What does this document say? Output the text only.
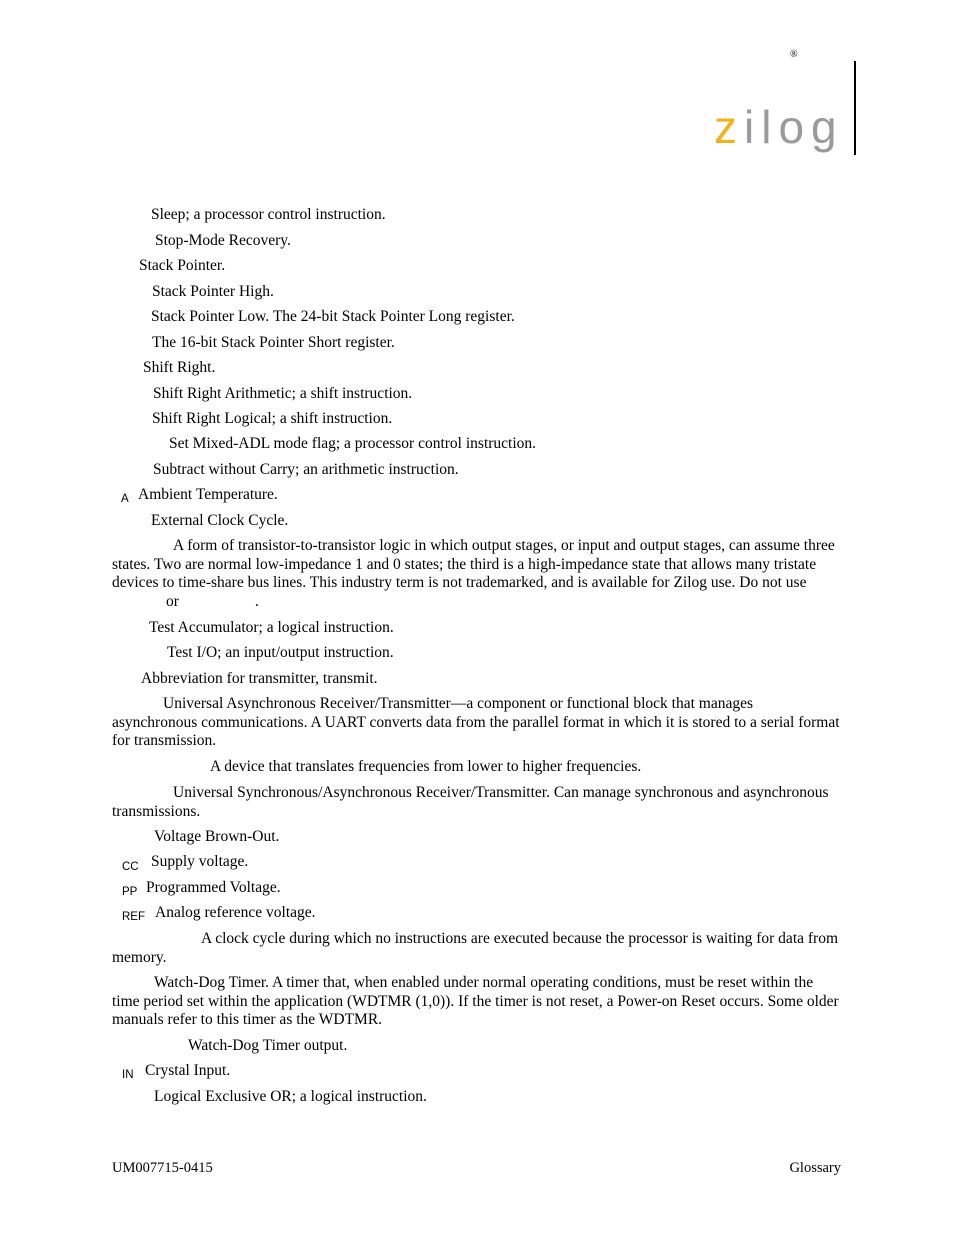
®
zilog
Sleep; a processor control instruction.
Stop-Mode Recovery.
Stack Pointer.
Stack Pointer High.
Stack Pointer Low. The 24-bit Stack Pointer Long register.
The 16-bit Stack Pointer Short register.
Shift Right.
Shift Right Arithmetic; a shift instruction.
Shift Right Logical; a shift instruction.
Set Mixed-ADL mode flag; a processor control instruction.
Subtract without Carry; an arithmetic instruction.
A Ambient Temperature.
External Clock Cycle.
A form of transistor-to-transistor logic in which output stages, or input and output stages, can assume three states. Two are normal low-impedance 1 and 0 states; the third is a high-impedance state that allows many tristate devices to time-share bus lines. This industry term is not trademarked, and is available for Zilog use. Do not useor	.
Test Accumulator; a logical instruction.
Test I/O; an input/output instruction.
Abbreviation for transmitter, transmit.
Universal Asynchronous Receiver/Transmitter—a component or functional block that manages asynchronous communications. A UART converts data from the parallel format in which it is stored to a serial format for transmission.
A device that translates frequencies from lower to higher frequencies.
Universal Synchronous/Asynchronous Receiver/Transmitter. Can manage synchronous and asynchronous transmissions.
Voltage Brown-Out.
CC Supply voltage.
PP Programmed Voltage.
REF Analog reference voltage.
A clock cycle during which no instructions are executed because the processor is waiting for data from memory.
Watch-Dog Timer. A timer that, when enabled under normal operating conditions, must be reset within the time period set within the application (WDTMR (1,0)). If the timer is not reset, a Power-on Reset occurs. Some older manuals refer to this timer as the WDTMR.
Watch-Dog Timer output.
IN Crystal Input.
Logical Exclusive OR; a logical instruction.
UM007715-0415	Glossary
